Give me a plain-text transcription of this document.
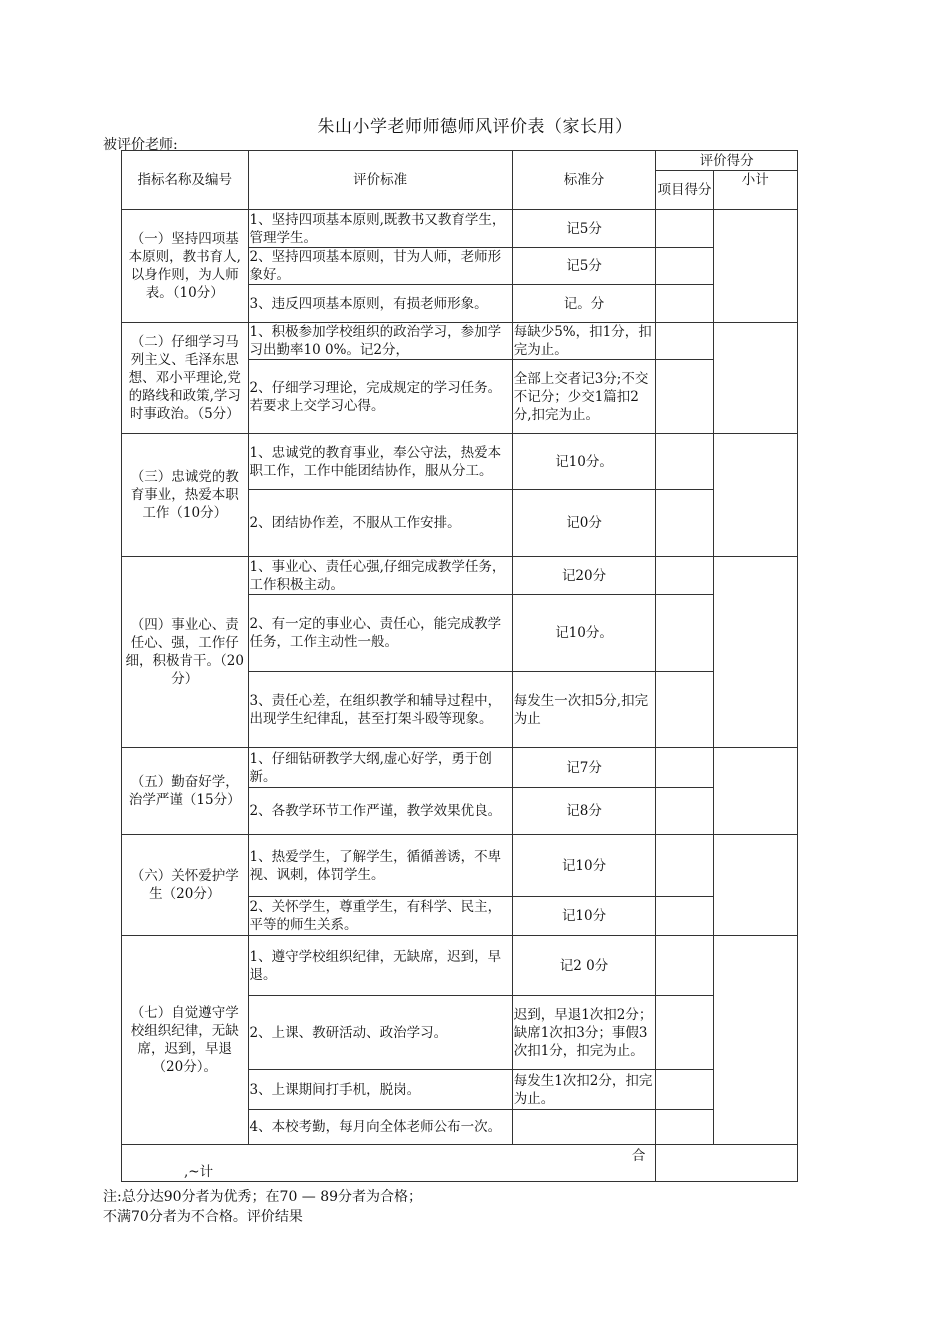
朱山小学老师师德师风评价表（家长用）
被评价老师:
指标名称及编号	评价标准	标准分	评价得分	
			项目得分	小计
（一）坚持四项基本原则，教书育人,以身作则，为人师表。（10分）	1、坚持四项基本原则,既教书又教育学生，管理学生。	记5分		
	2、坚持四项基本原则，甘为人师，老师形象好。	记5分		
	3、违反四项基本原则，有损老师形象。	记。分		
（二）仔细学习马列主义、毛泽东思想、邓小平理论,党的路线和政策,学习时事政治。（5分）	1、积极参加学校组织的政治学习，参加学习出勤率10 0%。记2分，	每缺少5%，扣1分，扣完为止。		
	2、仔细学习理论，完成规定的学习任务。若要求上交学习心得。	全部上交者记3分;不交不记分；少交1篇扣2分,扣完为止。		
（三）忠诚党的教育事业，热爱本职工作（10分）	1、忠诚党的教育事业，奉公守法，热爱本职工作，工作中能团结协作，服从分工。	记10分。		
	2、团结协作差，不服从工作安排。	记0分		
（四）事业心、责任心、强，工作仔细，积极肯干。（20 分）	1、事业心、责任心强,仔细完成教学任务，工作积极主动。	记20分		
	2、有一定的事业心、责任心，能完成教学任务，工作主动性一般。	记10分。		
	3、责任心差，在组织教学和辅导过程中，出现学生纪律乱，甚至打架斗殴等现象。	每发生一次扣5分,扣完为止		
（五）勤奋好学，治学严谨（15分）	1、仔细钻研教学大纲,虚心好学，勇于创新。	记7分		
	2、各教学环节工作严谨，教学效果优良。	记8分		
（六）关怀爱护学生（20分）	1、热爱学生，了解学生，循循善诱，不卑视、讽刺，体罚学生。	记10分		
	2、关怀学生，尊重学生，有科学、民主，平等的师生关系。	记10分		
（七）自觉遵守学校组织纪律，无缺席，迟到，早退（20分）。	1、遵守学校组织纪律，无缺席，迟到，早退。	记2 0分		
	2、上课、教研活动、政治学习。	迟到，早退1次扣2分；缺席1次扣3分；事假3次扣1分，扣完为止。		
	3、上课期间打手机，脱岗。	每发生1次扣2分，扣完为止。		
	4、本校考勤，每月向全体老师公布一次。			

合
,~计				

注:总分达90分者为优秀；在70 — 89分者为合格；
不满70分者为不合格。评价结果
